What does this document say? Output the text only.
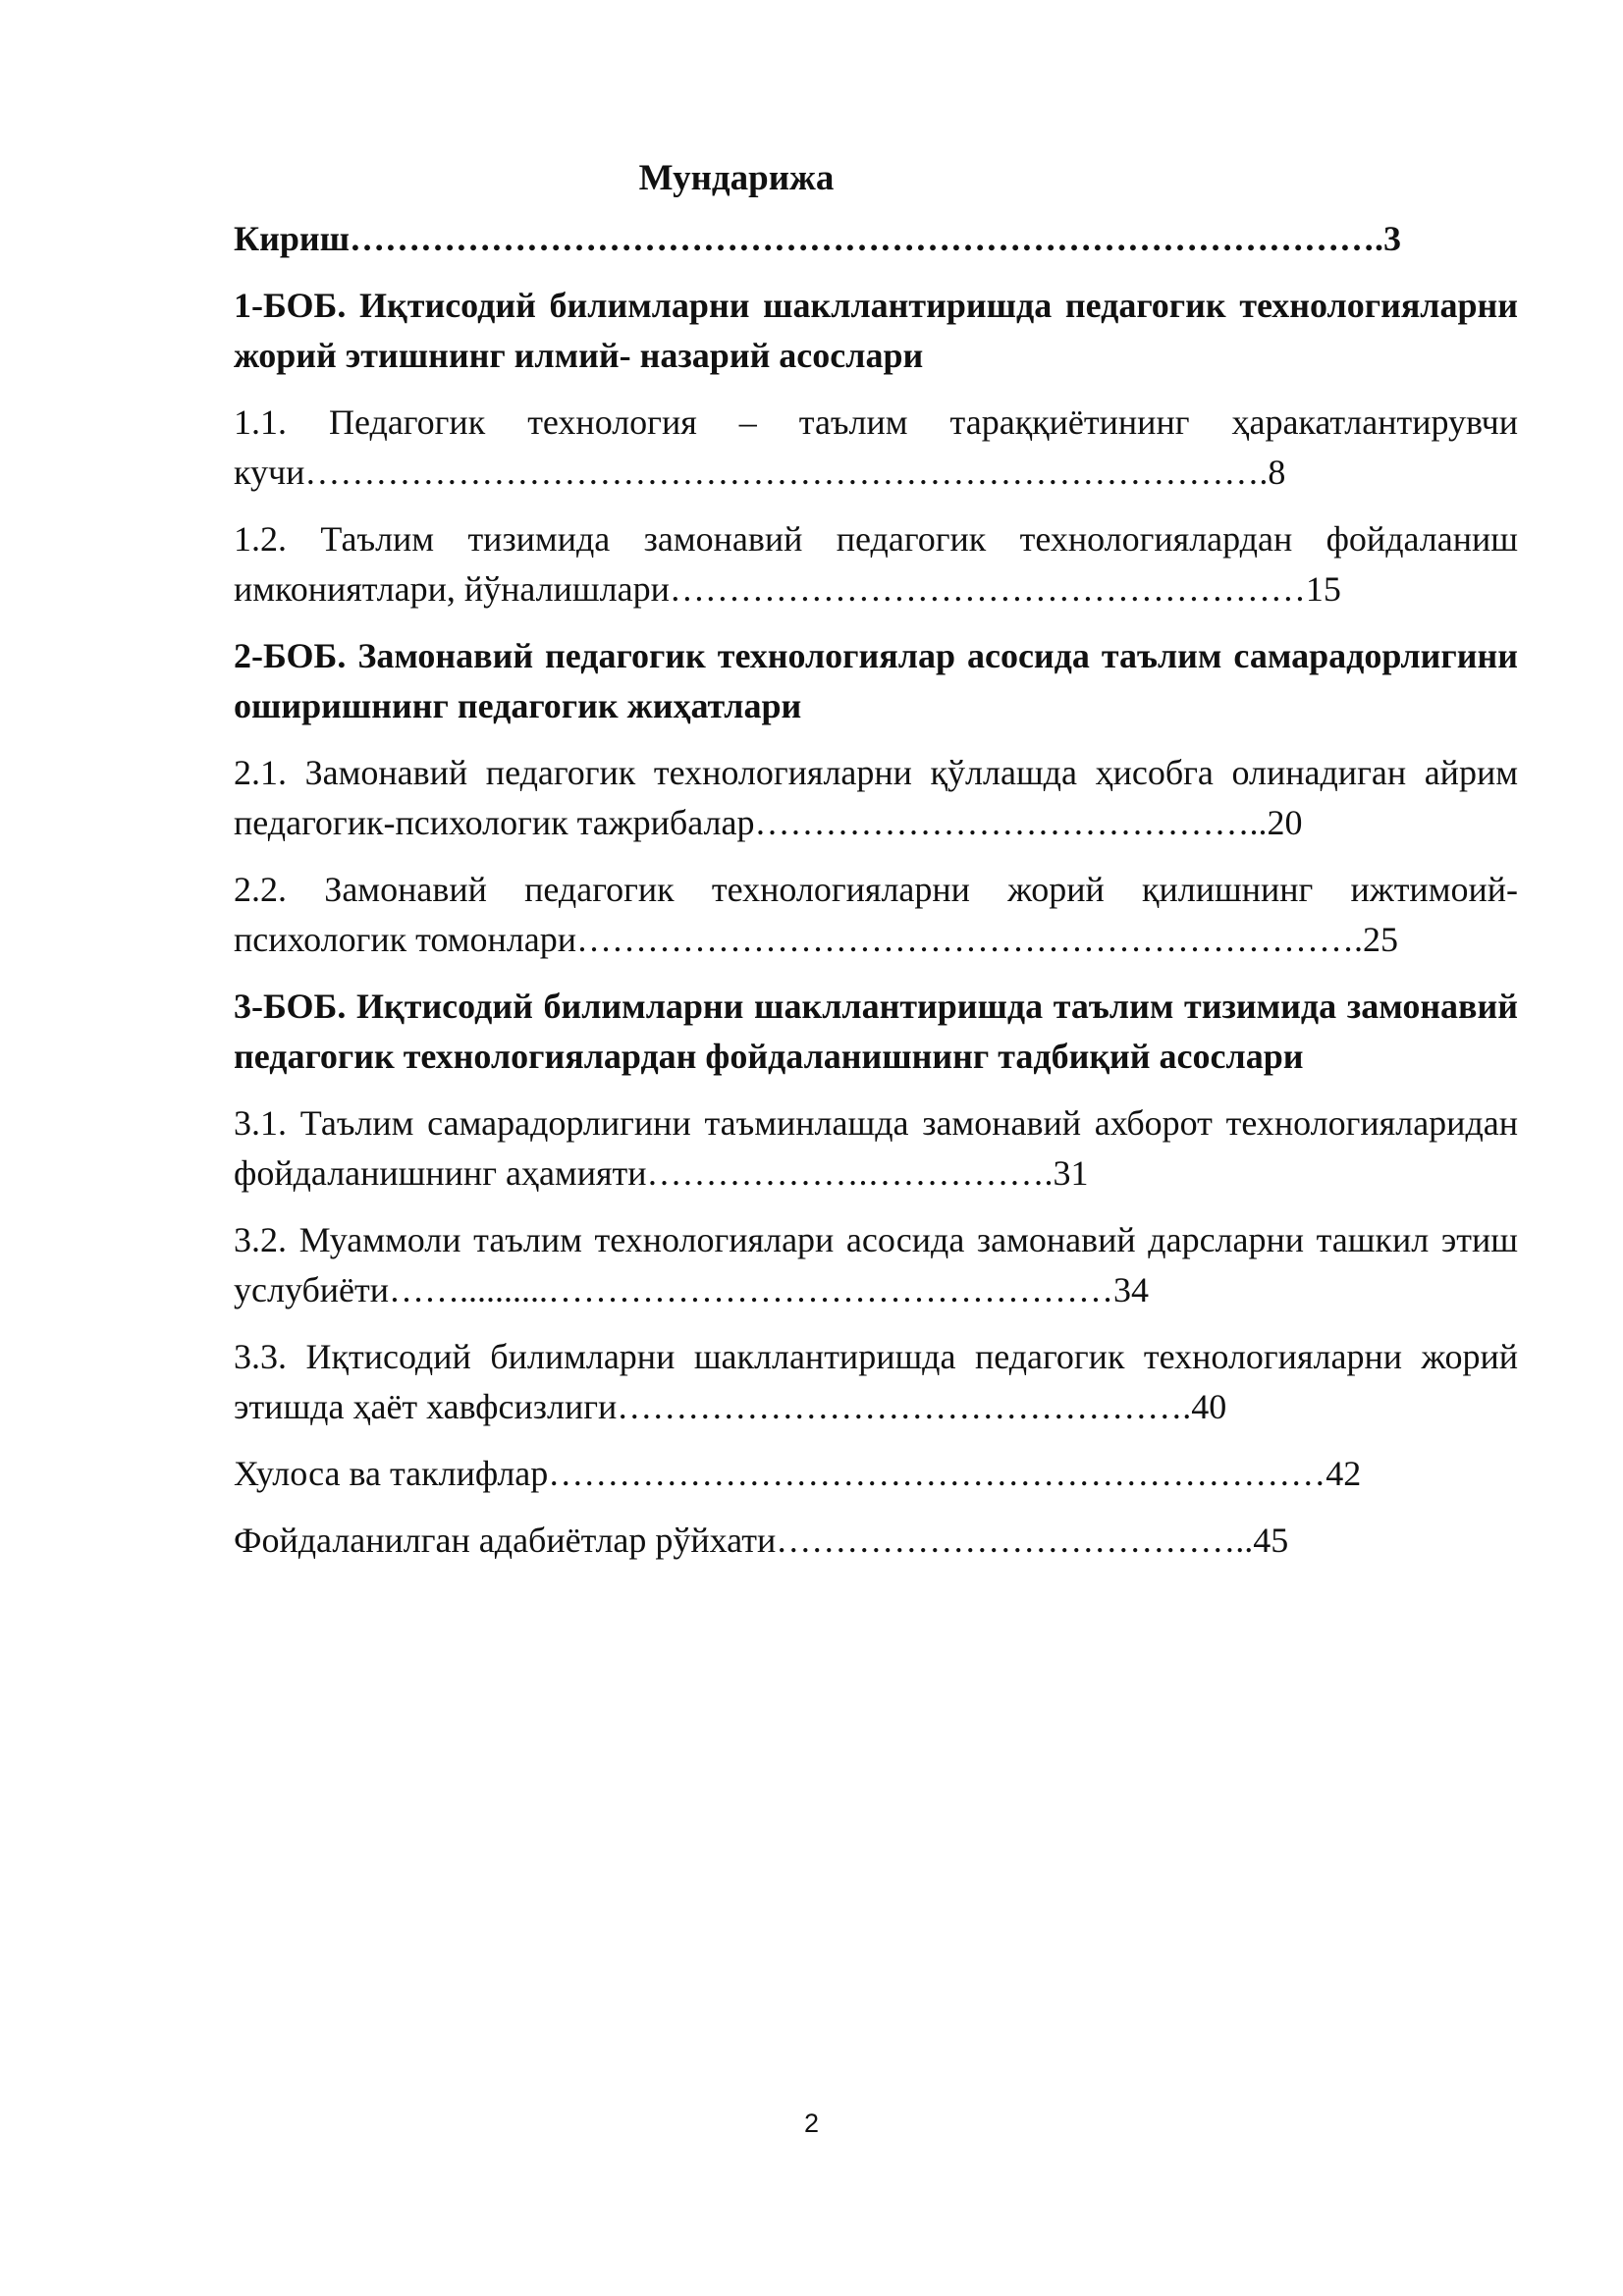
Мундарижа

Кириш…………………………………………………………………………….3

1-БОБ. Иқтисодий билимларни шакллантиришда педагогик технологияларни жорий этишнинг илмий- назарий асослари

1.1. Педагогик технология – таълим тараққиётининг ҳаракатлантирувчи кучи……………………………………………………………………….8

1.2. Таълим тизимида замонавий педагогик технологиялардан фойдаланиш имкониятлари, йўналишлари………………………………………………15

2-БОБ. Замонавий педагогик технологиялар асосида таълим самарадорлигини оширишнинг педагогик жиҳатлари

2.1. Замонавий педагогик технологияларни қўллашда ҳисобга олинадиган айрим педагогик-психологик тажрибалар……………………………………..20

2.2. Замонавий педагогик технологияларни жорий қилишнинг ижтимоий-психологик томонлари………………………………………………………….25

3-БОБ. Иқтисодий билимларни шакллантиришда таълим тизимида замонавий педагогик технологиялардан фойдаланишнинг тадбиқий асослари

3.1. Таълим самарадорлигини таъминлашда замонавий ахборот технологияларидан фойдаланишнинг аҳамияти……………….…………….31

3.2. Муаммоли таълим технологиялари асосида замонавий дарсларни ташкил этиш услубиёти……..........…………………………………………34

3.3. Иқтисодий билимларни шакллантиришда педагогик технологияларни жорий этишда ҳаёт хавфсизлиги………………………………………….40

Хулоса ва таклифлар…………………………………………………………42

Фойдаланилган адабиётлар рўйхати…………………………………..45

2
